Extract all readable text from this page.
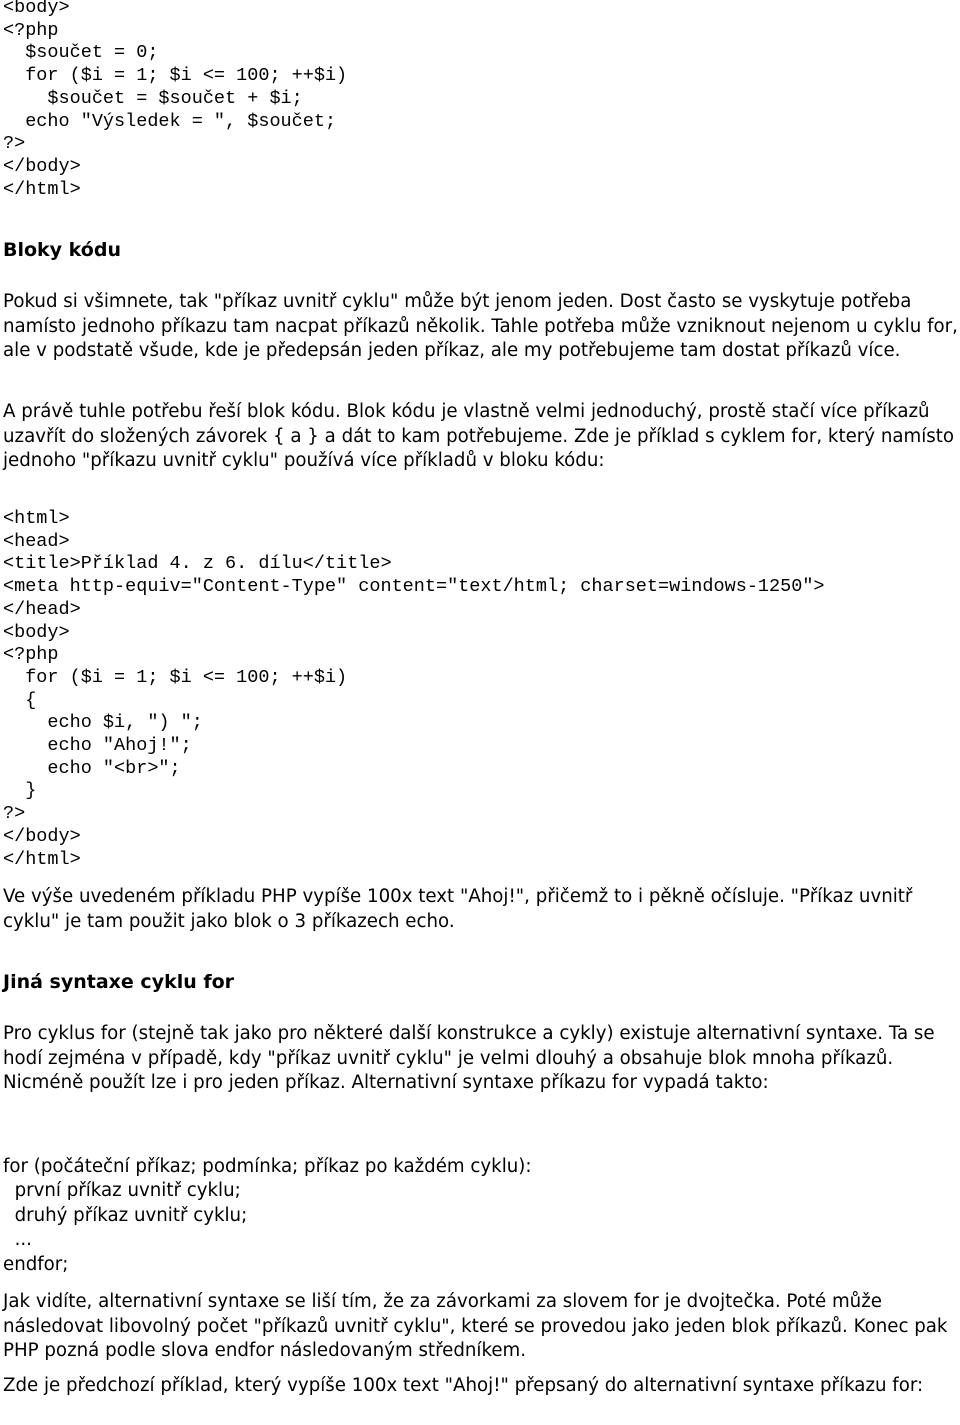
<body>
<?php
$součet = 0;
for ($i = 1; $i <= 100; ++$i)
$součet = $součet + $i;
echo "Výsledek = ", $součet;
?>
</body>
</html>
Bloky kódu

Pokud si všimnete, tak "příkaz uvnitř cyklu" může být jenom jeden. Dost často se vyskytuje potřeba namísto jednoho příkazu tam nacpat příkazů několik. Tahle potřeba může vzniknout nejenom u cyklu for, ale v podstatě všude, kde je předepsán jeden příkaz, ale my potřebujeme tam dostat příkazů více.

A právě tuhle potřebu řeší blok kódu. Blok kódu je vlastně velmi jednoduchý, prostě stačí více příkazů uzavřít do složených závorek { a } a dát to kam potřebujeme. Zde je příklad s cyklem for, který namísto jednoho "příkazu uvnitř cyklu" používá více příkladů v bloku kódu:

<html>
<head>
<title>Příklad 4. z 6. dílu</title>
<meta http-equiv="Content-Type" content="text/html; charset=windows-1250">
</head>
<body>
<?php
for ($i = 1; $i <= 100; ++$i)
{
echo $i, ") ";
echo "Ahoj!";
echo "<br>";
}
?>
</body>
</html>

Ve výše uvedeném příkladu PHP vypíše 100x text "Ahoj!", přičemž to i pěkně očísluje. "Příkaz uvnitř cyklu" je tam použit jako blok o 3 příkazech echo.

Jiná syntaxe cyklu for

Pro cyklus for (stejně tak jako pro některé další konstrukce a cykly) existuje alternativní syntaxe. Ta se hodí zejména v případě, kdy "příkaz uvnitř cyklu" je velmi dlouhý a obsahuje blok mnoha příkazů. Nicméně použít lze i pro jeden příkaz. Alternativní syntaxe příkazu for vypadá takto:

for (počáteční příkaz; podmínka; příkaz po každém cyklu):
první příkaz uvnitř cyklu;
druhý příkaz uvnitř cyklu;
...
endfor;

Jak vidíte, alternativní syntaxe se liší tím, že za závorkami za slovem for je dvojtečka. Poté může následovat libovolný počet "příkazů uvnitř cyklu", které se provedou jako jeden blok příkazů. Konec pak PHP pozná podle slova endfor následovaným středníkem.

Zde je předchozí příklad, který vypíše 100x text "Ahoj!" přepsaný do alternativní syntaxe příkazu for:
